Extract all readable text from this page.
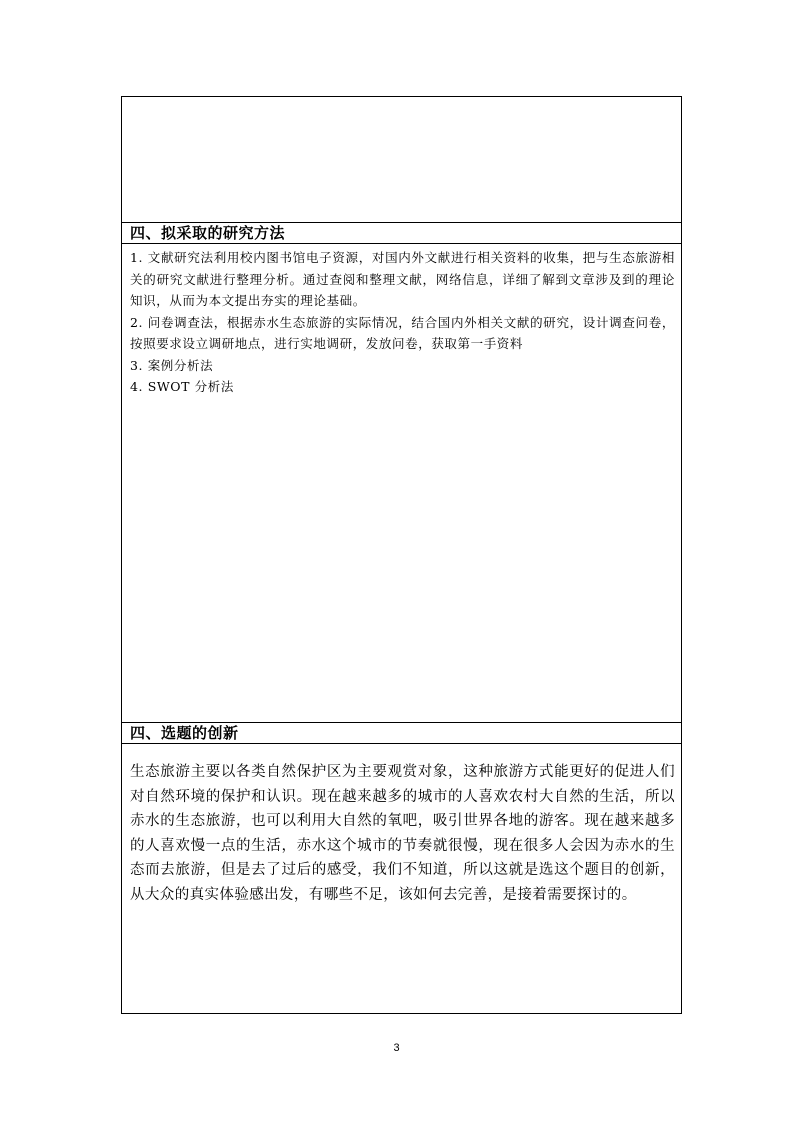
四、拟采取的研究方法

1. 文献研究法利用校内图书馆电子资源，对国内外文献进行相关资料的收集，把与生态旅游相关的研究文献进行整理分析。通过查阅和整理文献，网络信息，详细了解到文章涉及到的理论知识，从而为本文提出夯实的理论基础。

2. 问卷调查法，根据赤水生态旅游的实际情况，结合国内外相关文献的研究，设计调查问卷，按照要求设立调研地点，进行实地调研，发放问卷，获取第一手资料

3. 案例分析法

4. SWOT 分析法

四、选题的创新

生态旅游主要以各类自然保护区为主要观赏对象，这种旅游方式能更好的促进人们对自然环境的保护和认识。现在越来越多的城市的人喜欢农村大自然的生活，所以赤水的生态旅游，也可以利用大自然的氧吧，吸引世界各地的游客。现在越来越多的人喜欢慢一点的生活，赤水这个城市的节奏就很慢，现在很多人会因为赤水的生态而去旅游，但是去了过后的感受，我们不知道，所以这就是选这个题目的创新，从大众的真实体验感出发，有哪些不足，该如何去完善，是接着需要探讨的。

3
